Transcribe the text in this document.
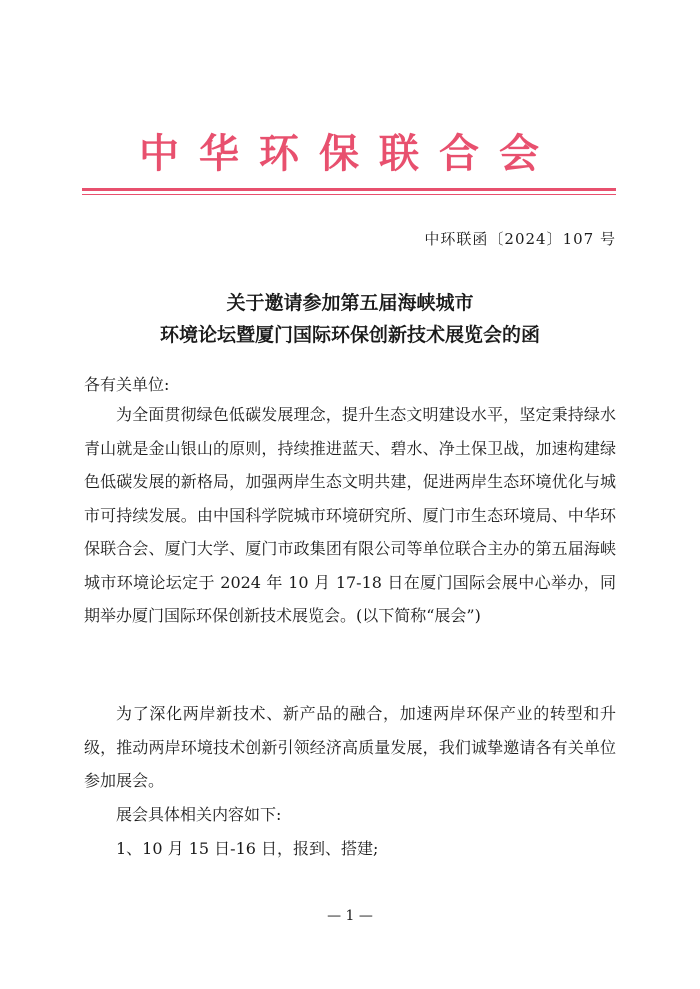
中华环保联合会
中环联函〔2024〕107 号
关于邀请参加第五届海峡城市
环境论坛暨厦门国际环保创新技术展览会的函
各有关单位:
为全面贯彻绿色低碳发展理念，提升生态文明建设水平，坚定秉持绿水青山就是金山银山的原则，持续推进蓝天、碧水、净土保卫战，加速构建绿色低碳发展的新格局，加强两岸生态文明共建，促进两岸生态环境优化与城市可持续发展。由中国科学院城市环境研究所、厦门市生态环境局、中华环保联合会、厦门大学、厦门市政集团有限公司等单位联合主办的第五届海峡城市环境论坛定于 2024 年 10 月 17-18 日在厦门国际会展中心举办，同期举办厦门国际环保创新技术展览会。(以下简称“展会”)
为了深化两岸新技术、新产品的融合，加速两岸环保产业的转型和升级，推动两岸环境技术创新引领经济高质量发展，我们诚挚邀请各有关单位参加展会。
展会具体相关内容如下:
1、10 月 15 日-16 日，报到、搭建;
— 1 —
